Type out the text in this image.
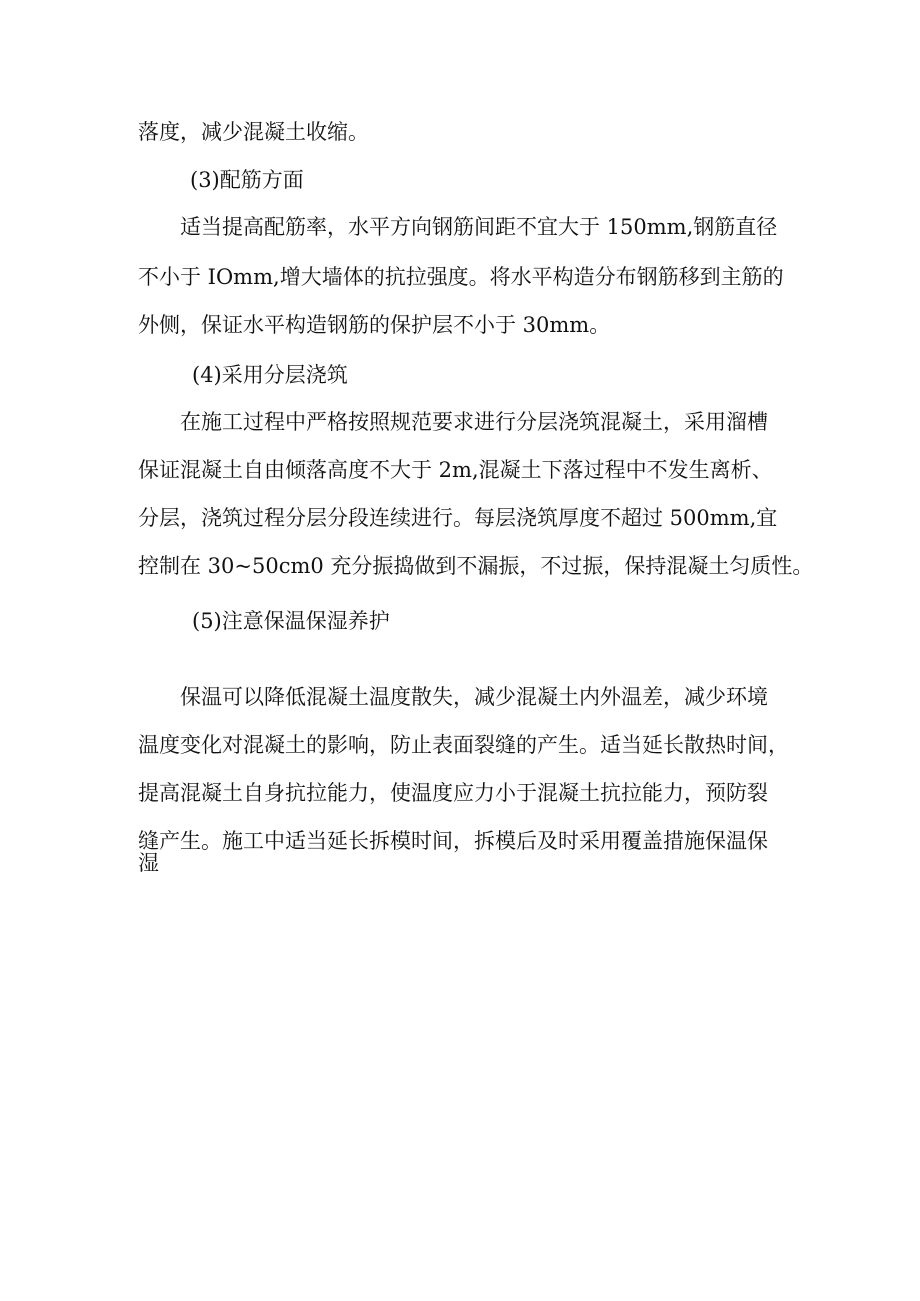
落度，减少混凝土收缩。
(3)配筋方面
适当提高配筋率，水平方向钢筋间距不宜大于 150mm,钢筋直径
不小于 IOmm,增大墙体的抗拉强度。将水平构造分布钢筋移到主筋的
外侧，保证水平构造钢筋的保护层不小于 30mm。
(4)采用分层浇筑
在施工过程中严格按照规范要求进行分层浇筑混凝土，采用溜槽
保证混凝土自由倾落高度不大于 2m,混凝土下落过程中不发生离析、
分层，浇筑过程分层分段连续进行。每层浇筑厚度不超过 500mm,宜
控制在 30~50cm0 充分振捣做到不漏振，不过振，保持混凝土匀质性。
(5)注意保温保湿养护
保温可以降低混凝土温度散失，减少混凝土内外温差，减少环境
温度变化对混凝土的影响，防止表面裂缝的产生。适当延长散热时间，
提高混凝土自身抗拉能力，使温度应力小于混凝土抗拉能力，预防裂
缝产生。施工中适当延长拆模时间，拆模后及时采用覆盖措施保温保
湿
